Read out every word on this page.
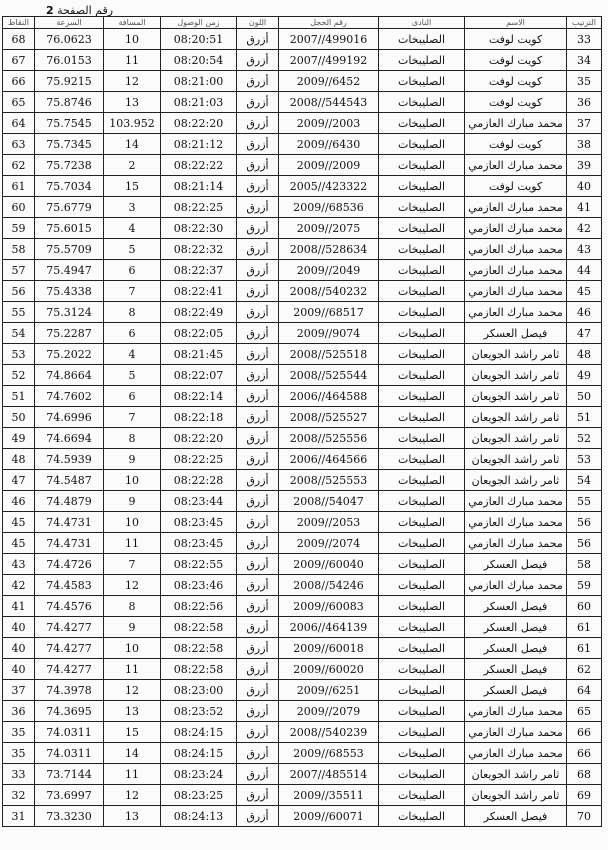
رقم الصفحة 2
النقاط	السرعة	المسافة	زمن الوصول	اللون	رقم الحجل	النادى	الاسم	الترتيب
68	76.0623	10	08:20:51	أزرق	2007//499016	الصليبخات	كويت لوفت	33
67	76.0153	11	08:20:54	أزرق	2007//499192	الصليبخات	كويت لوفت	34
66	75.9215	12	08:21:00	أزرق	2009//6452	الصليبخات	كويت لوفت	35
65	75.8746	13	08:21:03	أزرق	2008//544543	الصليبخات	كويت لوفت	36
64	75.7545	103.952	08:22:20	أزرق	2009//2003	الصليبخات	محمد مبارك العازمي	37
63	75.7345	14	08:21:12	أزرق	2009//6430	الصليبخات	كويت لوفت	38
62	75.7238	2	08:22:22	أزرق	2009//2009	الصليبخات	محمد مبارك العازمي	39
61	75.7034	15	08:21:14	أزرق	2005//423322	الصليبخات	كويت لوفت	40
60	75.6779	3	08:22:25	أزرق	2009//68536	الصليبخات	محمد مبارك العازمي	41
59	75.6015	4	08:22:30	أزرق	2009//2075	الصليبخات	محمد مبارك العازمي	42
58	75.5709	5	08:22:32	أزرق	2008//528634	الصليبخات	محمد مبارك العازمي	43
57	75.4947	6	08:22:37	أزرق	2009//2049	الصليبخات	محمد مبارك العازمي	44
56	75.4338	7	08:22:41	أزرق	2008//540232	الصليبخات	محمد مبارك العازمي	45
55	75.3124	8	08:22:49	أزرق	2009//68517	الصليبخات	محمد مبارك العازمي	46
54	75.2287	6	08:22:05	أزرق	2009//9074	الصليبخات	فيصل العسكر	47
53	75.2022	4	08:21:45	أزرق	2008//525518	الصليبخات	ثامر راشد الجويعان	48
52	74.8664	5	08:22:07	أزرق	2008//525544	الصليبخات	ثامر راشد الجويعان	49
51	74.7602	6	08:22:14	أزرق	2006//464588	الصليبخات	ثامر راشد الجويعان	50
50	74.6996	7	08:22:18	أزرق	2008//525527	الصليبخات	ثامر راشد الجويعان	51
49	74.6694	8	08:22:20	أزرق	2008//525556	الصليبخات	ثامر راشد الجويعان	52
48	74.5939	9	08:22:25	أزرق	2006//464566	الصليبخات	ثامر راشد الجويعان	53
47	74.5487	10	08:22:28	أزرق	2008//525553	الصليبخات	ثامر راشد الجويعان	54
46	74.4879	9	08:23:44	أزرق	2008//54047	الصليبخات	محمد مبارك العازمي	55
45	74.4731	10	08:23:45	أزرق	2009//2053	الصليبخات	محمد مبارك العازمي	56
45	74.4731	11	08:23:45	أزرق	2009//2074	الصليبخات	محمد مبارك العازمي	56
43	74.4726	7	08:22:55	أزرق	2009//60040	الصليبخات	فيصل العسكر	58
42	74.4583	12	08:23:46	أزرق	2008//54246	الصليبخات	محمد مبارك العازمي	59
41	74.4576	8	08:22:56	أزرق	2009//60083	الصليبخات	فيصل العسكر	60
40	74.4277	9	08:22:58	أزرق	2006//464139	الصليبخات	فيصل العسكر	61
40	74.4277	10	08:22:58	أزرق	2009//60018	الصليبخات	فيصل العسكر	61
40	74.4277	11	08:22:58	أزرق	2009//60020	الصليبخات	فيصل العسكر	62
37	74.3978	12	08:23:00	أزرق	2009//6251	الصليبخات	فيصل العسكر	64
36	74.3695	13	08:23:52	أزرق	2009//2079	الصليبخات	محمد مبارك العازمي	65
35	74.0311	15	08:24:15	أزرق	2008//540239	الصليبخات	محمد مبارك العازمي	66
35	74.0311	14	08:24:15	أزرق	2009//68553	الصليبخات	محمد مبارك العازمي	66
33	73.7144	11	08:23:24	أزرق	2007//485514	الصليبخات	ثامر راشد الجويعان	68
32	73.6997	12	08:23:25	أزرق	2009//35511	الصليبخات	ثامر راشد الجويعان	69
31	73.3230	13	08:24:13	أزرق	2009//60071	الصليبخات	فيصل العسكر	70
